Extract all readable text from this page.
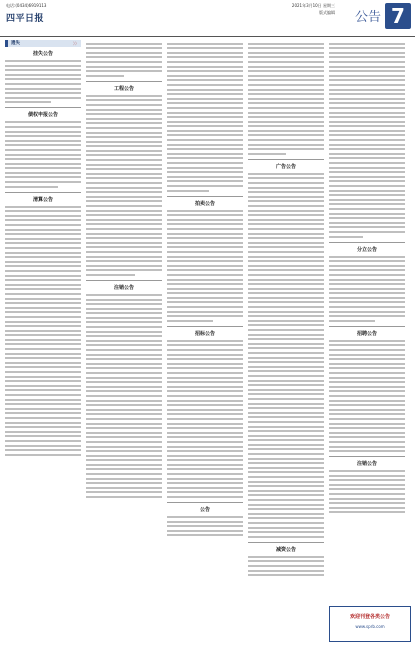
电话:(0434)6919113
四平日报
2021年3月10日 星期三
版式编辑 公告 7
遗失	〉〉
挂失公告
债权申报公告
清算公告
工程公告
注销公告
拍卖公告
招标公告
公告
广告公告
减资公告
分立公告
招聘公告
注销公告
欢迎刊登各类公告
www.sprb.com
